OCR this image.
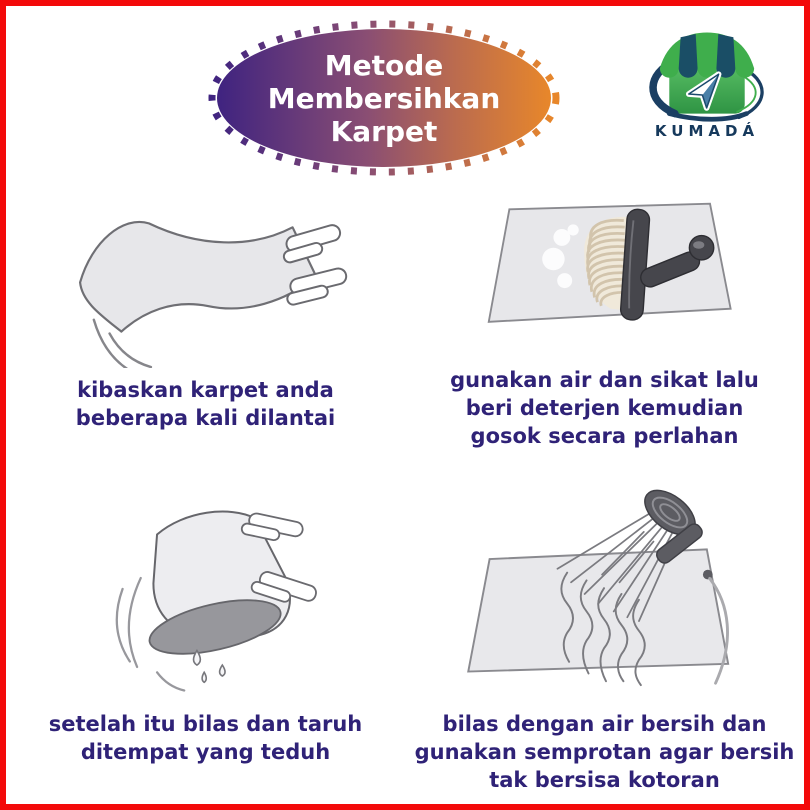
Metode
Membersihkan
Karpet	KUMADÁ
kibaskan karpet anda
beberapa kali dilantai
gunakan air dan sikat lalu
beri deterjen kemudian
gosok secara perlahan
setelah itu bilas dan taruh
ditempat yang teduh
bilas dengan air bersih dan
gunakan semprotan agar bersih
tak bersisa kotoran
